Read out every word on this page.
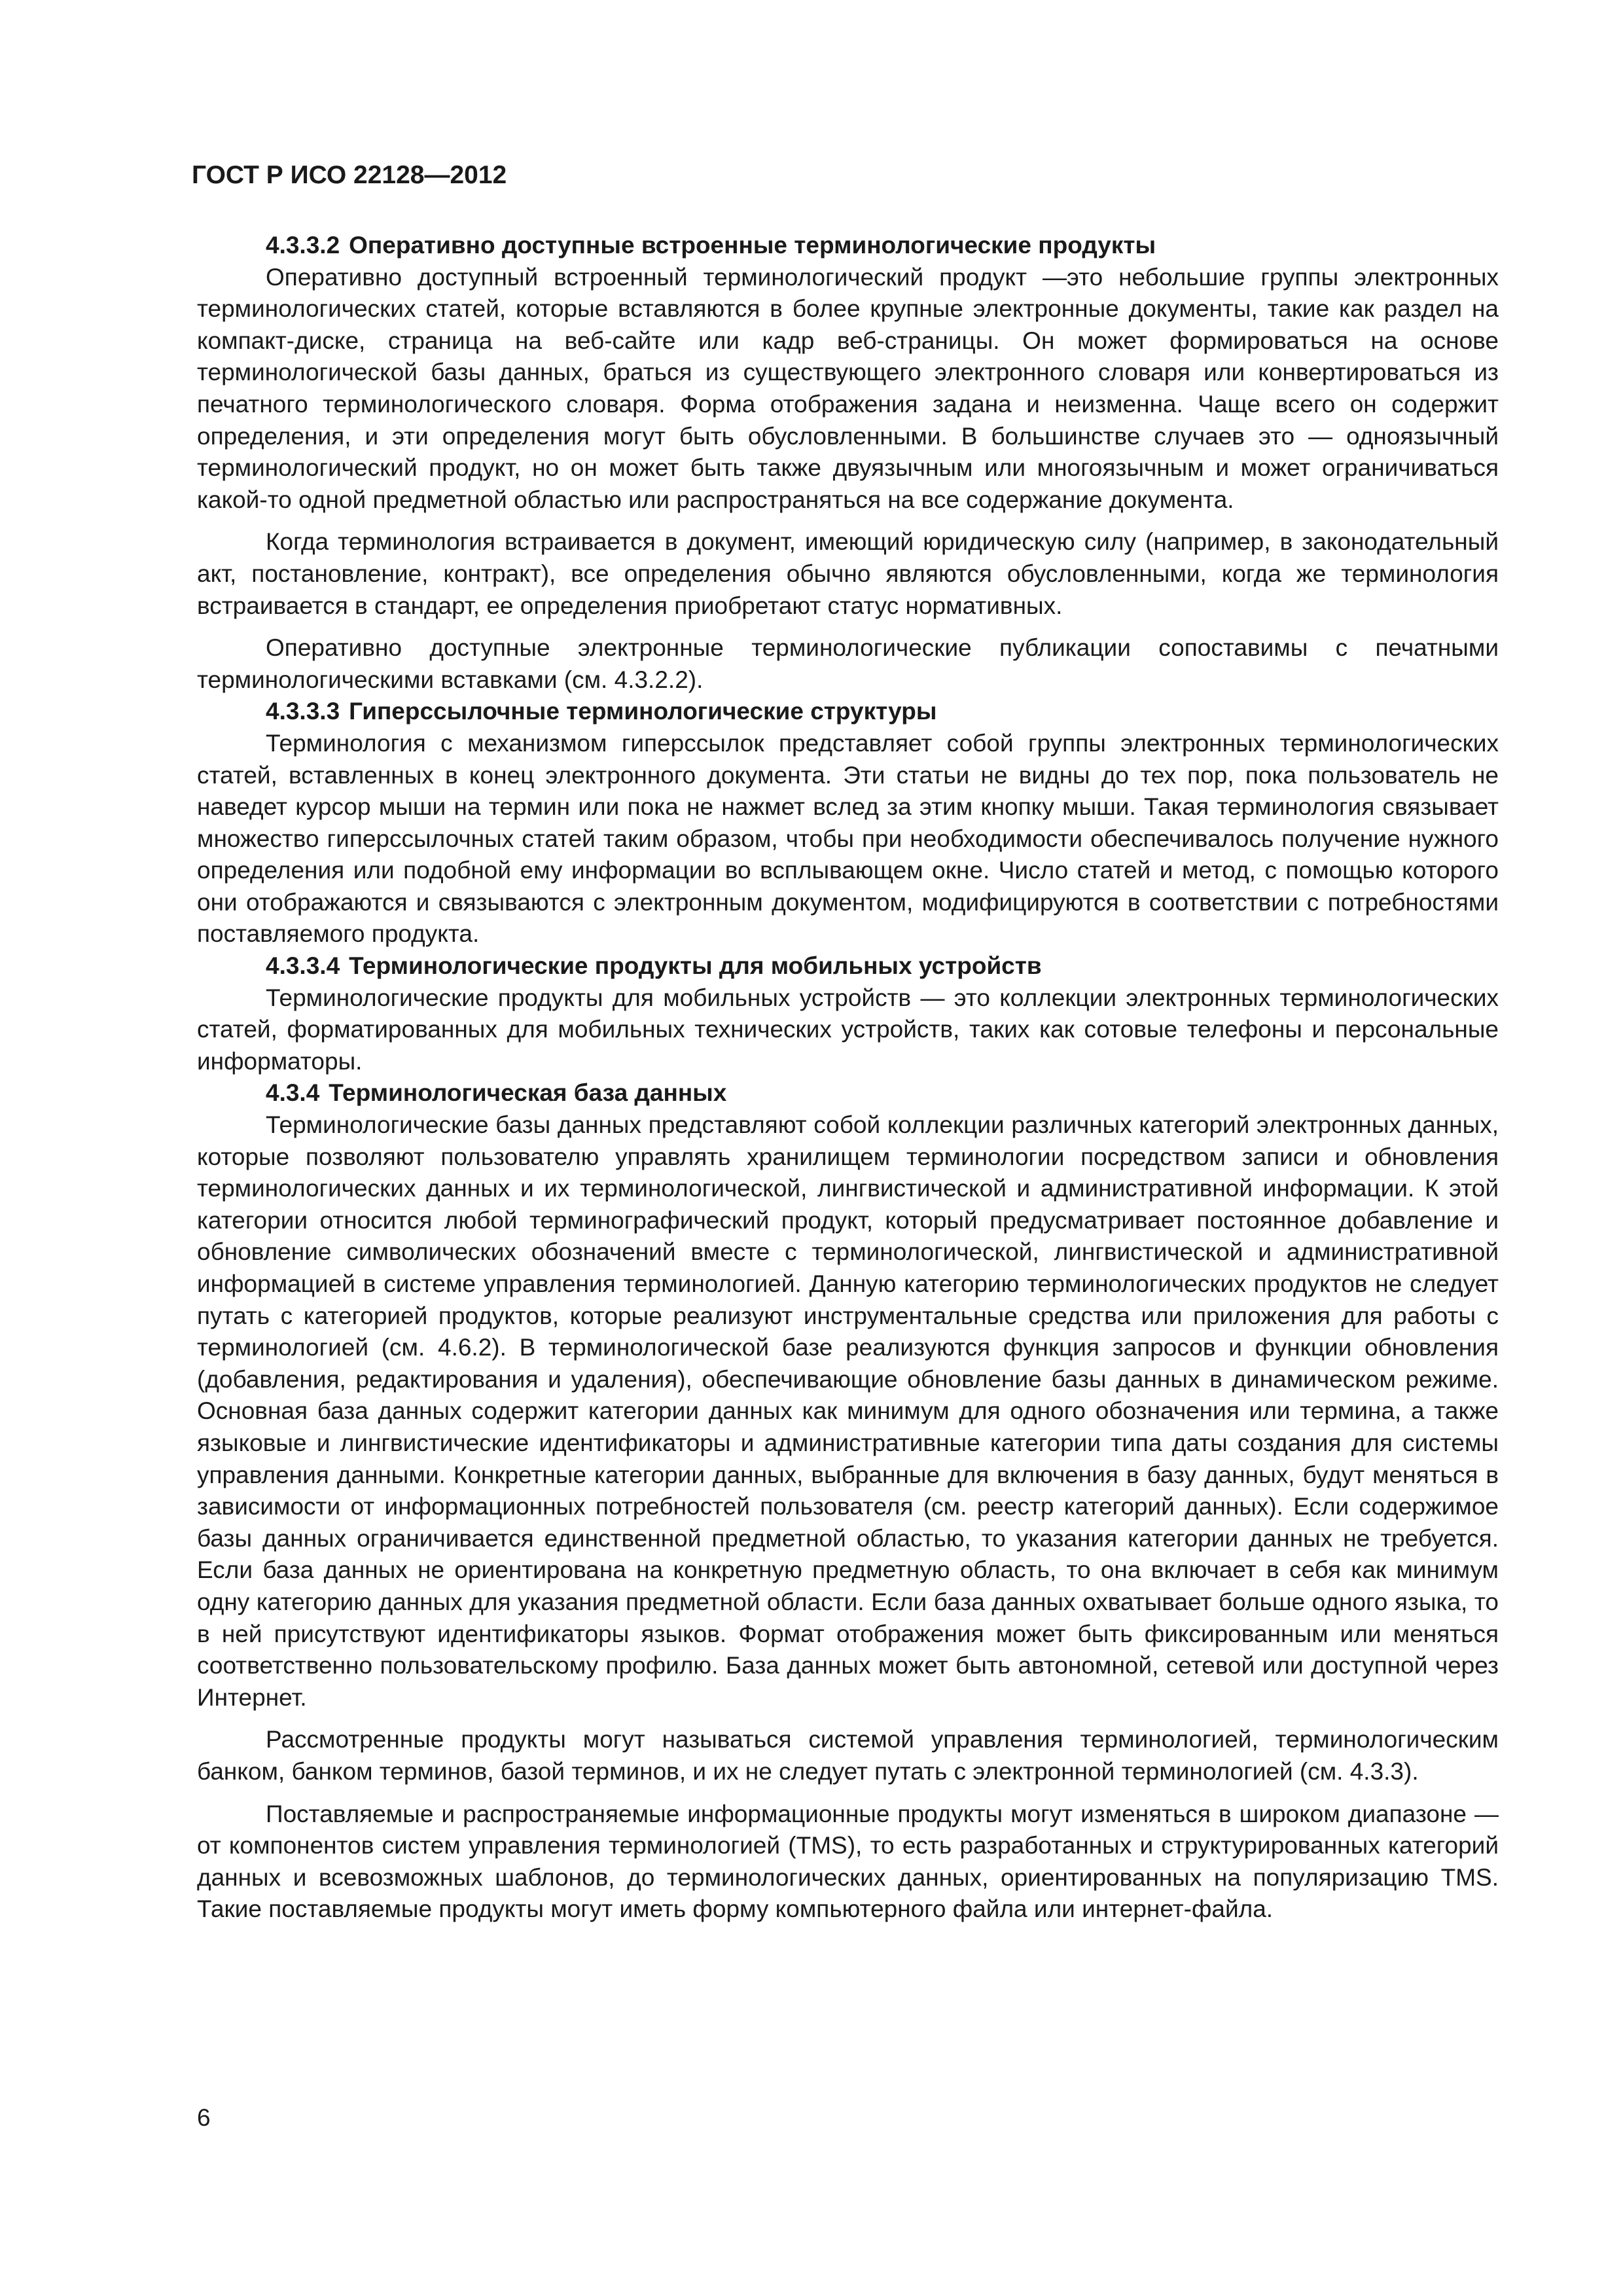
ГОСТ Р ИСО 22128—2012
4.3.3.2 Оперативно доступные встроенные терминологические продукты

Оперативно доступный встроенный терминологический продукт —это небольшие группы электронных терминологических статей, которые вставляются в более крупные электронные документы, такие как раздел на компакт-диске, страница на веб-сайте или кадр веб-страницы. Он может формироваться на основе терминологической базы данных, браться из существующего электронного словаря или конвертироваться из печатного терминологического словаря. Форма отображения задана и неизменна. Чаще всего он содержит определения, и эти определения могут быть обусловленными. В большинстве случаев это — одноязычный терминологический продукт, но он может быть также двуязычным или многоязычным и может ограничиваться какой-то одной предметной областью или распространяться на все содержание документа.

Когда терминология встраивается в документ, имеющий юридическую силу (например, в законодательный акт, постановление, контракт), все определения обычно являются обусловленными, когда же терминология встраивается в стандарт, ее определения приобретают статус нормативных.

Оперативно доступные электронные терминологические публикации сопоставимы с печатными терминологическими вставками (см. 4.3.2.2).

4.3.3.3 Гиперссылочные терминологические структуры

Терминология с механизмом гиперссылок представляет собой группы электронных терминологических статей, вставленных в конец электронного документа. Эти статьи не видны до тех пор, пока пользователь не наведет курсор мыши на термин или пока не нажмет вслед за этим кнопку мыши. Такая терминология связывает множество гиперссылочных статей таким образом, чтобы при необходимости обеспечивалось получение нужного определения или подобной ему информации во всплывающем окне. Число статей и метод, с помощью которого они отображаются и связываются с электронным документом, модифицируются в соответствии с потребностями поставляемого продукта.

4.3.3.4 Терминологические продукты для мобильных устройств

Терминологические продукты для мобильных устройств — это коллекции электронных терминологических статей, форматированных для мобильных технических устройств, таких как сотовые телефоны и персональные информаторы.

4.3.4 Терминологическая база данных

Терминологические базы данных представляют собой коллекции различных категорий электронных данных, которые позволяют пользователю управлять хранилищем терминологии посредством записи и обновления терминологических данных и их терминологической, лингвистической и административной информации. К этой категории относится любой терминографический продукт, который предусматривает постоянное добавление и обновление символических обозначений вместе с терминологической, лингвистической и административной информацией в системе управления терминологией. Данную категорию терминологических продуктов не следует путать с категорией продуктов, которые реализуют инструментальные средства или приложения для работы с терминологией (см. 4.6.2). В терминологической базе реализуются функция запросов и функции обновления (добавления, редактирования и удаления), обеспечивающие обновление базы данных в динамическом режиме. Основная база данных содержит категории данных как минимум для одного обозначения или термина, а также языковые и лингвистические идентификаторы и административные категории типа даты создания для системы управления данными. Конкретные категории данных, выбранные для включения в базу данных, будут меняться в зависимости от информационных потребностей пользователя (см. реестр категорий данных). Если содержимое базы данных ограничивается единственной предметной областью, то указания категории данных не требуется. Если база данных не ориентирована на конкретную предметную область, то она включает в себя как минимум одну категорию данных для указания предметной области. Если база данных охватывает больше одного языка, то в ней присутствуют идентификаторы языков. Формат отображения может быть фиксированным или меняться соответственно пользовательскому профилю. База данных может быть автономной, сетевой или доступной через Интернет.

Рассмотренные продукты могут называться системой управления терминологией, терминологическим банком, банком терминов, базой терминов, и их не следует путать с электронной терминологией (см. 4.3.3).

Поставляемые и распространяемые информационные продукты могут изменяться в широком диапазоне — от компонентов систем управления терминологией (TMS), то есть разработанных и структурированных категорий данных и всевозможных шаблонов, до терминологических данных, ориентированных на популяризацию TMS. Такие поставляемые продукты могут иметь форму компьютерного файла или интернет-файла.

6
